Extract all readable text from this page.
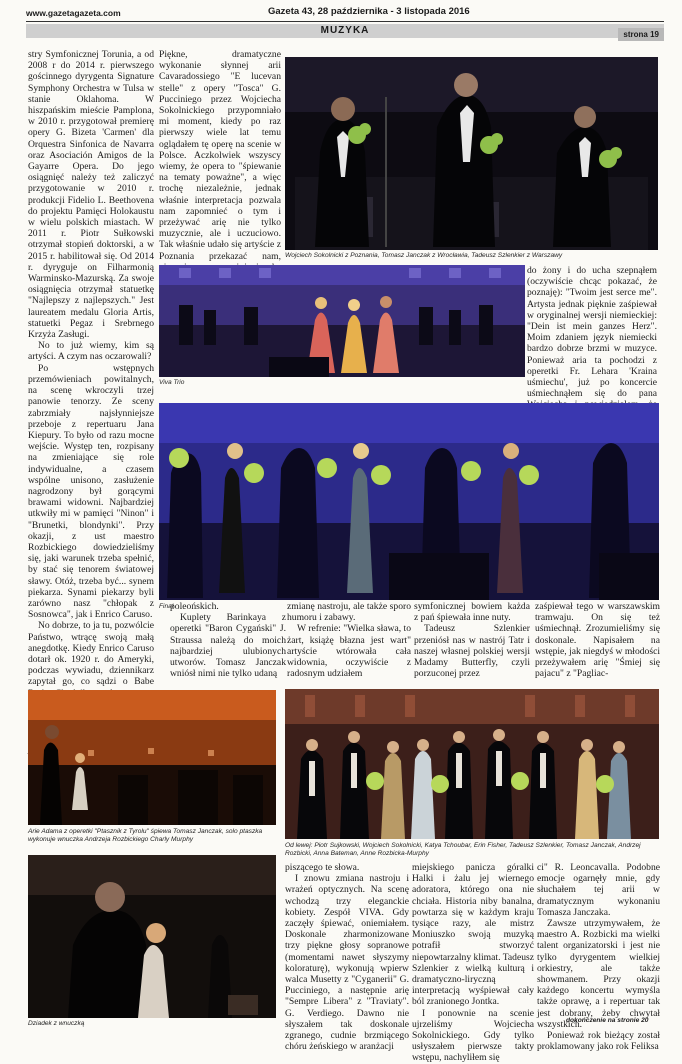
www.gazetagazeta.com	Gazeta 43, 28 października - 3 listopada 2016
MUZYKA	strona 19

stry Symfonicznej Torunia, a od 2008 r do 2014 r. pierwszego gościnnego dyrygenta Signature Symphony Orchestra w Tulsa w stanie Oklahoma. W hiszpańskim mieście Pamplona, w 2010 r. przygotował premierę opery G. Bizeta 'Carmen' dla Orquestra Sinfonica de Navarra oraz Asociación Amigos de la Gayarre Opera. Do jego osiągnięć należy też zaliczyć przygotowanie w 2010 r. produkcji Fidelio L. Beethovena do projektu Pamięci Holokaustu w wielu polskich miastach. W 2011 r. Piotr Sułkowski otrzymał stopień doktorski, a w 2015 r. habilitował się. Od 2014 r. dyryguje on Filharmonią Warminsko-Mazurską. Za swoje osiągnięcia otrzymał statuetkę "Najlepszy z najlepszych." Jest laureatem medalu Gloria Artis, statuetki Pegaz i Srebrnego Krzyża Zasługi.

No to już wiemy, kim są artyści. A czym nas oczarowali?

Po wstępnych przemówieniach powitalnych, na scenę wkroczyli trzej panowie tenorzy. Ze sceny zabrzmiały najsłynniejsze przeboje z repertuaru Jana Kiepury. To było od razu mocne wejście. Występ ten, rozpisany na zmieniające się role indywidualne, a czasem wspólne unisono, zasłużenie nagrodzony był gorącymi brawami widowni. Najbardziej utkwiły mi w pamięci "Ninon" i "Brunetki, blondynki". Przy okazji, z ust maestro Rozbickiego dowiedzieliśmy się, jaki warunek trzeba spełnić, by stać się tenorem światowej sławy. Otóż, trzeba być... synem piekarza. Synami piekarzy byli zarówno nasz "chłopak z Sosnowca", jak i Enrico Caruso.

No dobrze, to ja tu, pozwólcie Państwo, wtrącę swoją małą anegdotkę. Kiedy Enrico Caruso dotarł ok. 1920 r. do Ameryki, podczas wywiadu, dziennikarz zapytał go, co sądzi o Babe

Piękne, dramatyczne wykonanie słynnej arii Cavaradossiego "E lucevan stelle" z opery "Tosca" G. Pucciniego przez Wojciecha Sokolnickiego przypomniało mi moment, kiedy po raz pierwszy wiele lat temu oglądałem tę operę na scenie w Polsce. Aczkolwiek wszyscy wiemy, że opera to "śpiewanie na tematy poważne", a więc trochę niezależnie, jednak właśnie interpretacja pozwala nam zapomnieć o tym i przeżywać arię nie tylko muzycznie, ale i uczuciowo. Tak właśnie udało się artyście z Poznania przekazać nam,

do żony i do ucha szepnąłem (oczywiście chcąc pokazać, że poznaję): "Twoim jest serce me". Artysta jednak pięknie zaśpiewał w oryginalnej wersji niemieckiej: "Dein ist mein ganzes Herz". Moim zdaniem język niemiecki bardzo dobrze brzmi w muzyce. Ponieważ aria ta pochodzi z operetki Fr. Lehara 'Kraina uśmiechu', już po koncercie uśmiechnąłem się do pana

poleońskich.

Kuplety Barinkaya z operetki "Baron Cygański" J. Straussa należą do moich najbardziej ulubionych utworów. Tomasz Janczak wniósł nimi nie tylko udaną

zmianę nastroju, ale także sporo humoru i zabawy.

W refrenie: "Wielka sława, to żart, książę błazna jest wart" artyście wtórowała cała widownia, oczywiście z radosnym udziałem

symfonicznej bowiem każda z pań śpiewała inne nuty.

Tadeusz Szlenkier przeniósł nas w nastrój Tatr i naszej własnej polskiej wersji Madamy Butterfly, czyli porzuconej przez

zaśpiewał tego w warszawskim tramwaju. On się też uśmiechnął. Zrozumieliśmy się doskonale. Napisałem na wstępie, jak niegdyś w młodości przeżywałem arię "Śmiej się pajacu" z "Pagliac-

piszącego te słowa.

I znowu zmiana nastroju i wrażeń optycznych. Na scenę wchodzą trzy eleganckie kobiety. Zespół VIVA. Gdy zaczęły śpiewać, oniemiałem. Doskonale zharmonizowane trzy piękne głosy sopranowe (momentami nawet słyszymy koloraturę), wykonują wpierw walca Musetty z "Cyganerii" G. Pucciniego, a następnie arię "Sempre Libera" z "Traviaty". G. Verdiego. Dawno nie słyszałem tak doskonale zgranego, cudnie brzmiącego chóru żeńskiego w aranżacji

miejskiego panicza góralki Halki i żalu jej wiernego adoratora, którego ona nie chciała. Historia niby banalna, powtarza się w każdym kraju tysiące razy, ale mistrz Moniuszko swoją muzyką potrafił stworzyć niepowtarzalny klimat. Tadeusz Szlenkier z wielką kulturą i dramatyczno-liryczną interpretacją wyśpiewał cały ból zranionego Jontka.

I ponownie na scenie ujrzeliśmy Wojciecha Sokolnickiego. Gdy tylko usłyszałem pierwsze takty wstępu, nachyliłem się

ci" R. Leoncavalla. Podobne emocje ogarnęły mnie, gdy słuchałem tej arii w dramatycznym wykonaniu Tomasza Janczaka.

Zawsze utrzymywałem, że maestro A. Rozbicki ma wielki talent organizatorski i jest nie tylko dyrygentem wielkiej orkiestry, ale także showmanem. Przy okazji każdego koncertu wymyśla także oprawę, a i repertuar tak jest dobrany, żeby chwytał wszystkich.

Ponieważ rok bieżący został proklamowany jako rok Feliksa

Wojciech Sokolnicki z Poznania, Tomasz Janczak z Wrocławia, Tadeusz Szlenkier z Warszawy
Viva Trio
Finał
Arie Adama z operetki "Ptasznik z Tyrolu" śpiewa Tomasz Janczak, solo ptaszka wykonuje wnuczka Andrzeja Rozbickiego Charly Murphy
Od lewej: Piotr Sujkowski, Wojciech Sokolnicki, Katya Tchoubar, Erin Fisher, Tadeusz Szlenkier, Tomasz Janczak, Andrzej Rozbicki, Anna Bateman, Anne Rozbicka-Murphy
Dziadek z wnuczką	dokończenie na stronie 20
